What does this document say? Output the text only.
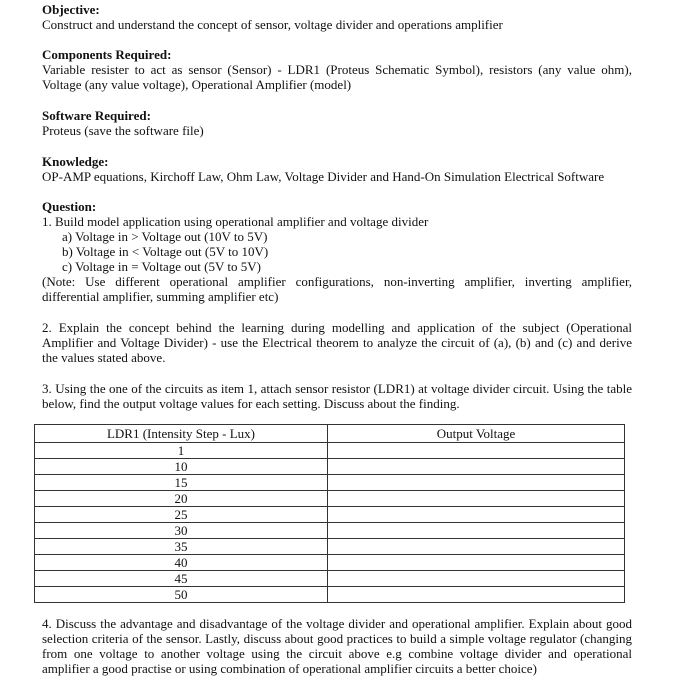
Objective:

Construct and understand the concept of sensor, voltage divider and operations amplifier

Components Required:

Variable resister to act as sensor (Sensor) - LDR1 (Proteus Schematic Symbol), resistors (any value ohm), Voltage (any value voltage), Operational Amplifier (model)

Software Required:

Proteus (save the software file)

Knowledge:

OP-AMP equations, Kirchoff Law, Ohm Law, Voltage Divider and Hand-On Simulation Electrical Software

Question:

1. Build model application using operational amplifier and voltage divider

a) Voltage in > Voltage out (10V to 5V)

b) Voltage in < Voltage out (5V to 10V)

c) Voltage in = Voltage out (5V to 5V)

(Note: Use different operational amplifier configurations, non-inverting amplifier, inverting amplifier, differential amplifier, summing amplifier etc)

2. Explain the concept behind the learning during modelling and application of the subject (Operational Amplifier and Voltage Divider) - use the Electrical theorem to analyze the circuit of (a), (b) and (c) and derive the values stated above.

3. Using the one of the circuits as item 1, attach sensor resistor (LDR1) at voltage divider circuit. Using the table below, find the output voltage values for each setting. Discuss about the finding.

LDR1 (Intensity Step - Lux)	Output Voltage
1	
10	
15	
20	
25	
30	
35	
40	
45	
50	

4. Discuss the advantage and disadvantage of the voltage divider and operational amplifier. Explain about good selection criteria of the sensor. Lastly, discuss about good practices to build a simple voltage regulator (changing from one voltage to another voltage using the circuit above e.g combine voltage divider and operational amplifier a good practise or using combination of operational amplifier circuits a better choice)
